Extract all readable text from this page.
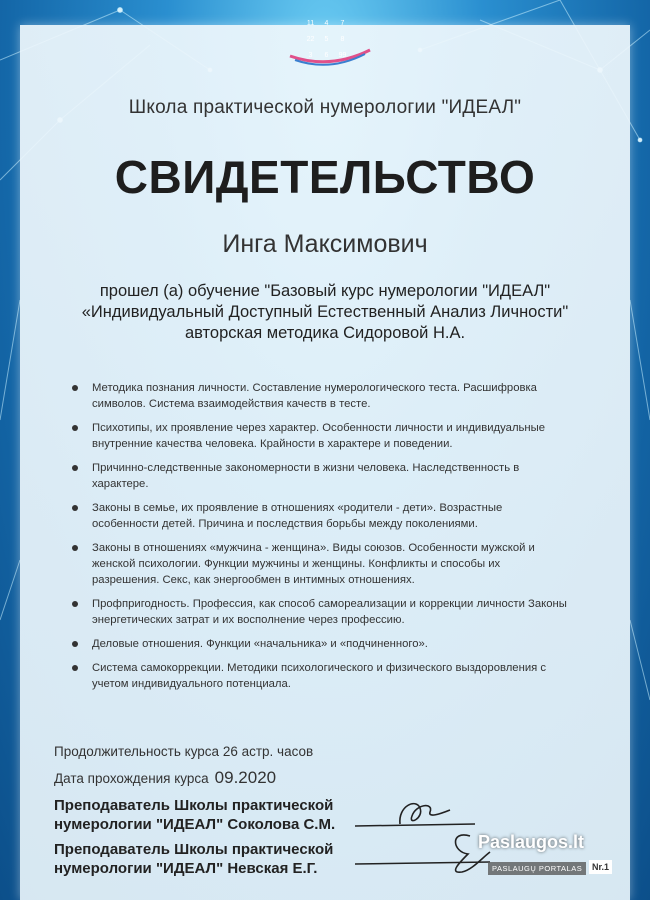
11	4	7
22	5	8
3	6	99
Школа практической нумерологии "ИДЕАЛ"
СВИДЕТЕЛЬСТВО
Инга Максимович
прошел (а) обучение "Базовый курс нумерологии "ИДЕАЛ"
«Индивидуальный Доступный Естественный Анализ Личности"
авторская методика Сидоровой Н.А.
Методика познания личности. Составление нумерологического теста. Расшифровка символов. Система взаимодействия качеств в тесте.
Психотипы, их проявление через характер. Особенности личности и индивидуальные внутренние качества человека. Крайности в характере и поведении.
Причинно-следственные закономерности в жизни человека. Наследственность в характере.
Законы в семье, их проявление в отношениях «родители - дети». Возрастные особенности детей. Причина и последствия борьбы между поколениями.
Законы в отношениях «мужчина - женщина». Виды союзов. Особенности мужской и женской психологии. Функции мужчины и женщины. Конфликты и способы их разрешения. Секс, как энергообмен в интимных отношениях.
Профпригодность. Профессия, как способ самореализации и коррекции личности Законы энергетических затрат и их восполнение через профессию.
Деловые отношения. Функции «начальника» и «подчиненного».
Система самокоррекции. Методики психологического и физического выздоровления с учетом индивидуального потенциала.
Продолжительность курса 26 астр. часов
Дата прохождения курса 09.2020
Преподаватель Школы практической
нумерологии "ИДЕАЛ" Соколова С.М.
Преподаватель Школы практической
нумерологии "ИДЕАЛ" Невская Е.Г.
Paslaugos.lt
PASLAUGŲ PORTALAS	Nr.1
